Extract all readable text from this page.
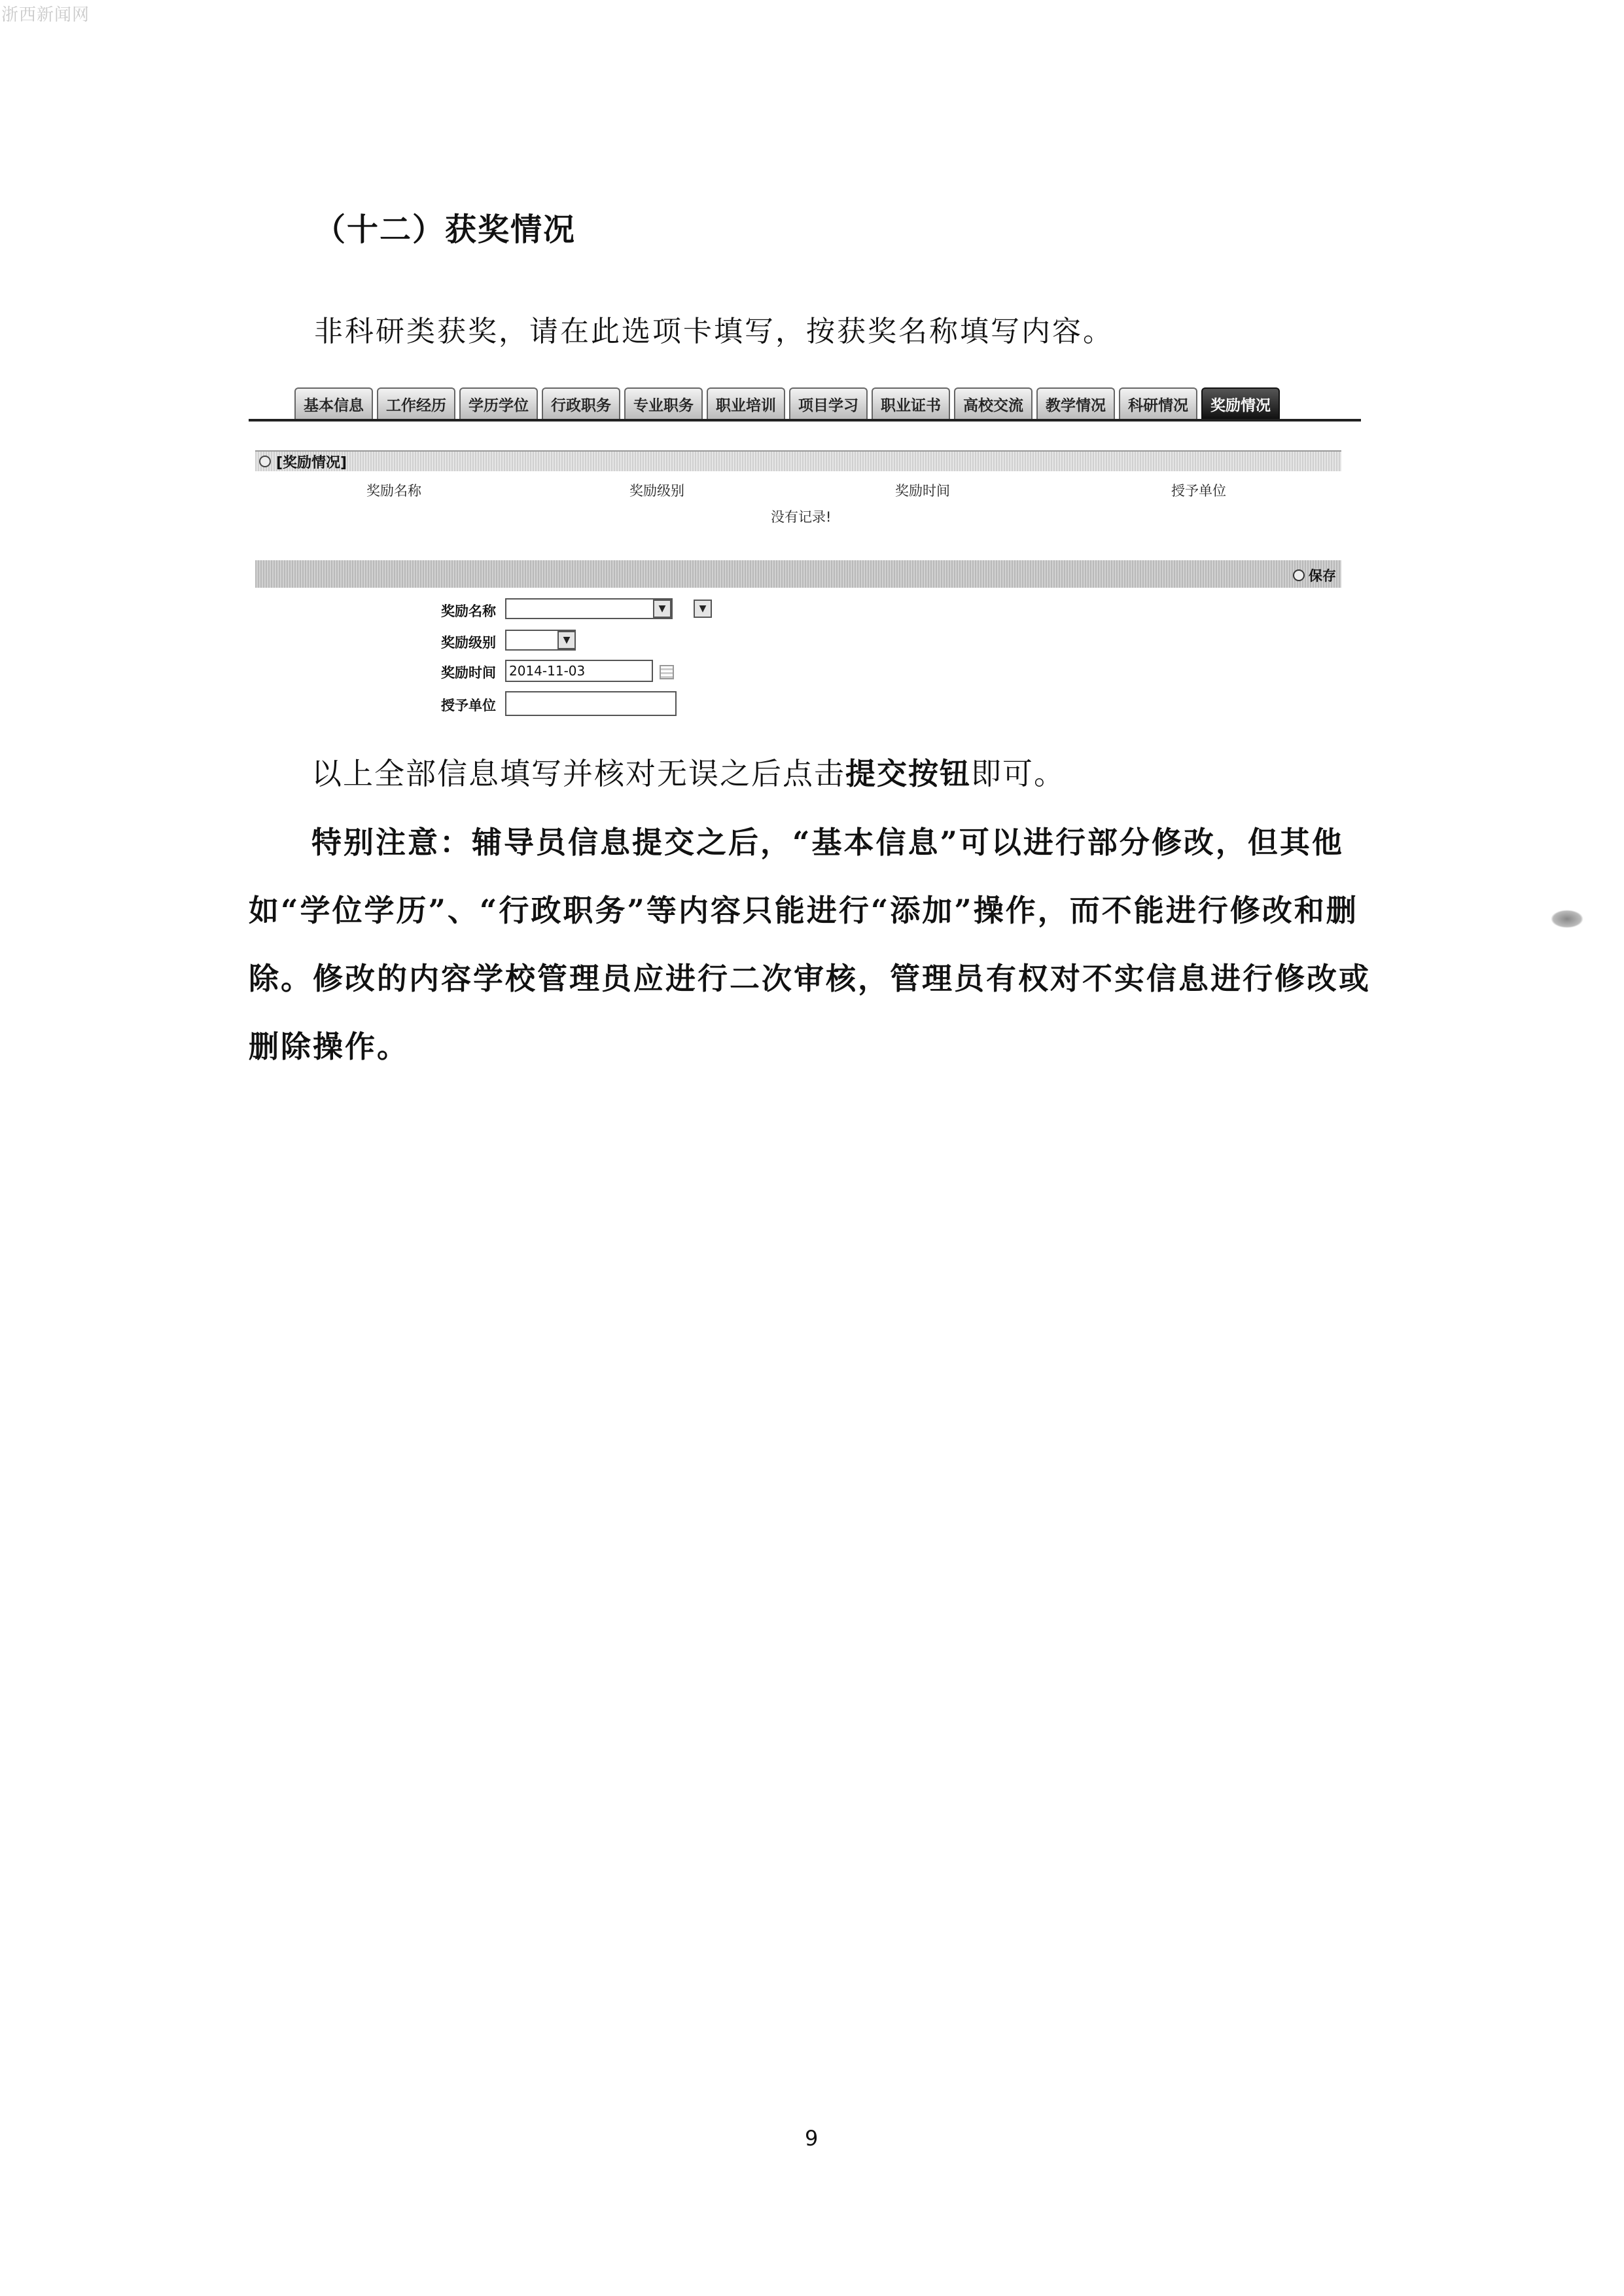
浙西新闻网
（十二）获奖情况
非科研类获奖，请在此选项卡填写，按获奖名称填写内容。
基本信息	工作经历	学历学位	行政职务	专业职务	职业培训	项目学习	职业证书	高校交流	教学情况	科研情况	奖励情况
[奖励情况]
奖励名称	奖励级别	奖励时间	授予单位
没有记录!
保存
奖励名称	▼	▼
奖励级别	▼
奖励时间	2014-11-03
授予单位
以上全部信息填写并核对无误之后点击提交按钮即可。
特别注意：辅导员信息提交之后，“基本信息”可以进行部分修改，但其他如“学位学历”、“行政职务”等内容只能进行“添加”操作，而不能进行修改和删除。修改的内容学校管理员应进行二次审核，管理员有权对不实信息进行修改或删除操作。
9
